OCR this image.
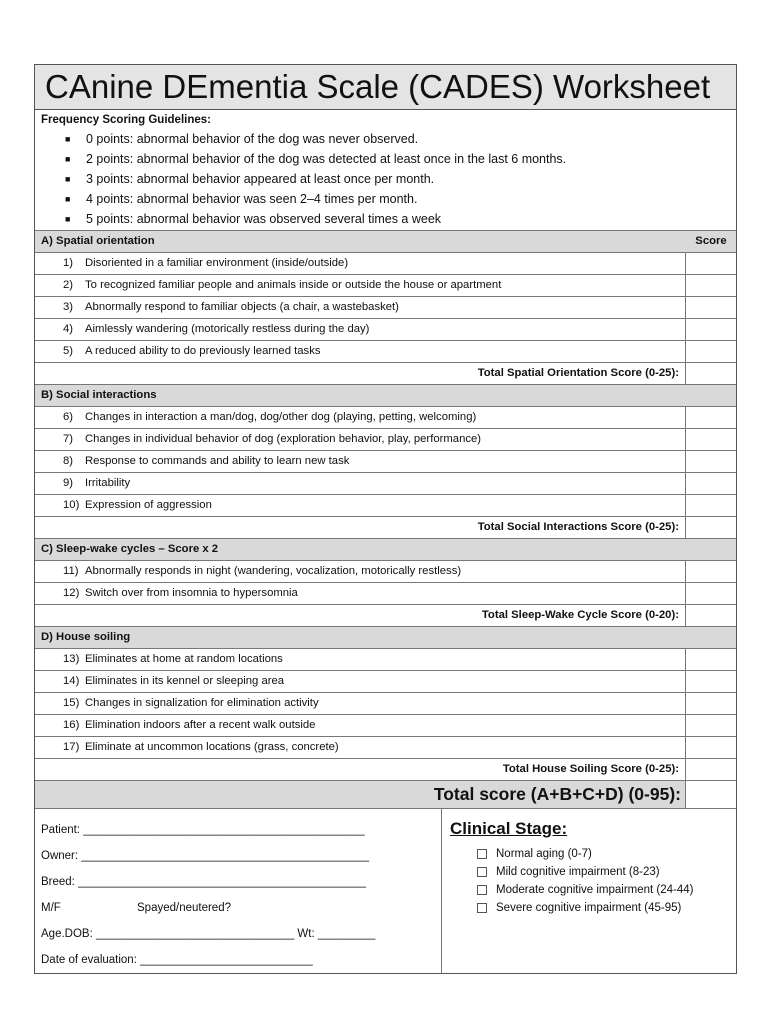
CAnine DEmentia Scale (CADES) Worksheet
Frequency Scoring Guidelines:
■ 0 points: abnormal behavior of the dog was never observed.
■ 2 points: abnormal behavior of the dog was detected at least once in the last 6 months.
■ 3 points: abnormal behavior appeared at least once per month.
■ 4 points: abnormal behavior was seen 2–4 times per month.
■ 5 points: abnormal behavior was observed several times a week
A) Spatial orientation	Score
1) Disoriented in a familiar environment (inside/outside)
2) To recognized familiar people and animals inside or outside the house or apartment
3) Abnormally respond to familiar objects (a chair, a wastebasket)
4) Aimlessly wandering (motorically restless during the day)
5) A reduced ability to do previously learned tasks
Total Spatial Orientation Score (0-25):
B) Social interactions
6) Changes in interaction a man/dog, dog/other dog (playing, petting, welcoming)
7) Changes in individual behavior of dog (exploration behavior, play, performance)
8) Response to commands and ability to learn new task
9) Irritability
10) Expression of aggression
Total Social Interactions Score (0-25):
C) Sleep-wake cycles – Score x 2
11) Abnormally responds in night (wandering, vocalization, motorically restless)
12) Switch over from insomnia to hypersomnia
Total Sleep-Wake Cycle Score (0-20):
D) House soiling
13) Eliminates at home at random locations
14) Eliminates in its kennel or sleeping area
15) Changes in signalization for elimination activity
16) Elimination indoors after a recent walk outside
17) Eliminate at uncommon locations (grass, concrete)
Total House Soiling Score (0-25):
Total score (A+B+C+D) (0-95):
Patient: ____________________________________________
Owner: _____________________________________________
Breed: _____________________________________________
M/F	Spayed/neutered?
Age.DOB: _______________________________ Wt: _________
Date of evaluation: ___________________________
Clinical Stage:
Normal aging (0-7)
Mild cognitive impairment (8-23)
Moderate cognitive impairment (24-44)
Severe cognitive impairment (45-95)
